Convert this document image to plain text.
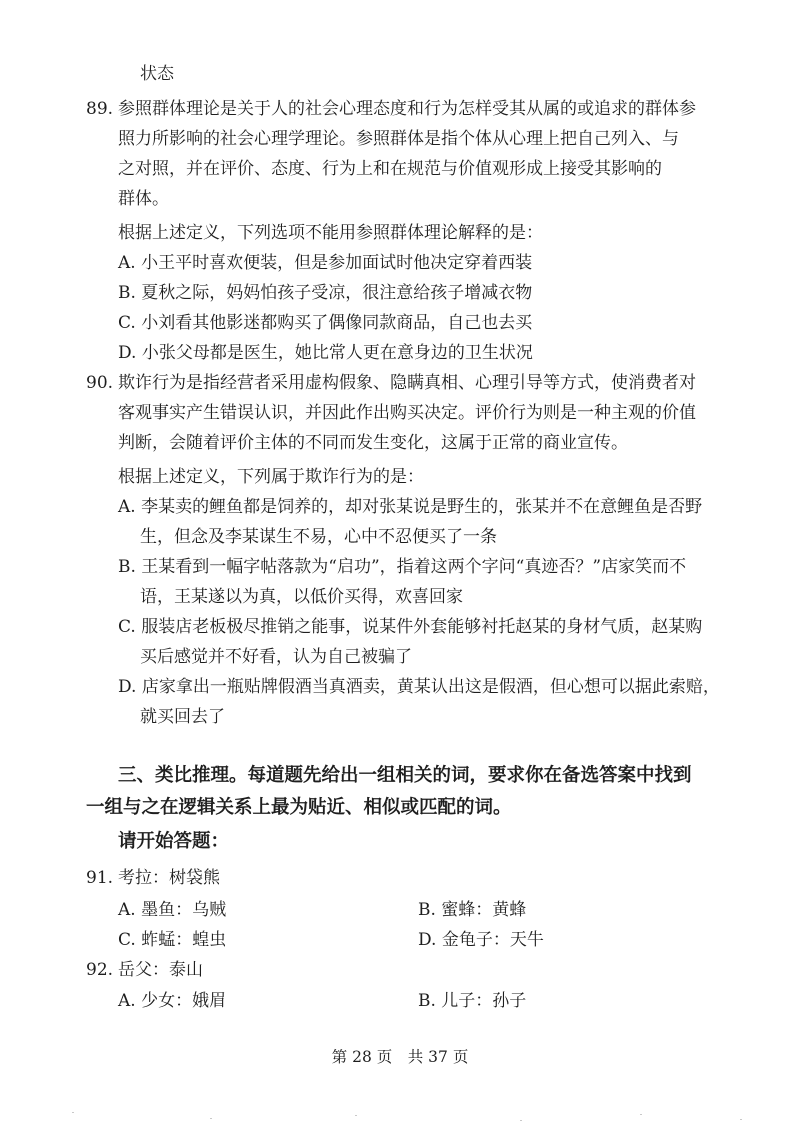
状态
89. 参照群体理论是关于人的社会心理态度和行为怎样受其从属的或追求的群体参
照力所影响的社会心理学理论。参照群体是指个体从心理上把自己列入、与
之对照，并在评价、态度、行为上和在规范与价值观形成上接受其影响的
群体。
根据上述定义，下列选项不能用参照群体理论解释的是：
A. 小王平时喜欢便装，但是参加面试时他决定穿着西装
B. 夏秋之际，妈妈怕孩子受凉，很注意给孩子增减衣物
C. 小刘看其他影迷都购买了偶像同款商品，自己也去买
D. 小张父母都是医生，她比常人更在意身边的卫生状况
90. 欺诈行为是指经营者采用虚构假象、隐瞒真相、心理引导等方式，使消费者对
客观事实产生错误认识，并因此作出购买决定。评价行为则是一种主观的价值
判断，会随着评价主体的不同而发生变化，这属于正常的商业宣传。
根据上述定义，下列属于欺诈行为的是：
A. 李某卖的鲤鱼都是饲养的，却对张某说是野生的，张某并不在意鲤鱼是否野
生，但念及李某谋生不易，心中不忍便买了一条
B. 王某看到一幅字帖落款为“启功”，指着这两个字问“真迹否？”店家笑而不
语，王某遂以为真，以低价买得，欢喜回家
C. 服装店老板极尽推销之能事，说某件外套能够衬托赵某的身材气质，赵某购
买后感觉并不好看，认为自己被骗了
D. 店家拿出一瓶贴牌假酒当真酒卖，黄某认出这是假酒，但心想可以据此索赔，
就买回去了
三、类比推理。每道题先给出一组相关的词，要求你在备选答案中找到
一组与之在逻辑关系上最为贴近、相似或匹配的词。
请开始答题：
91. 考拉：树袋熊
A. 墨鱼：乌贼	B. 蜜蜂：黄蜂
C. 蚱蜢：蝗虫	D. 金龟子：天牛
92. 岳父：泰山
A. 少女：娥眉	B. 儿子：孙子
第 28 页　共 37 页
